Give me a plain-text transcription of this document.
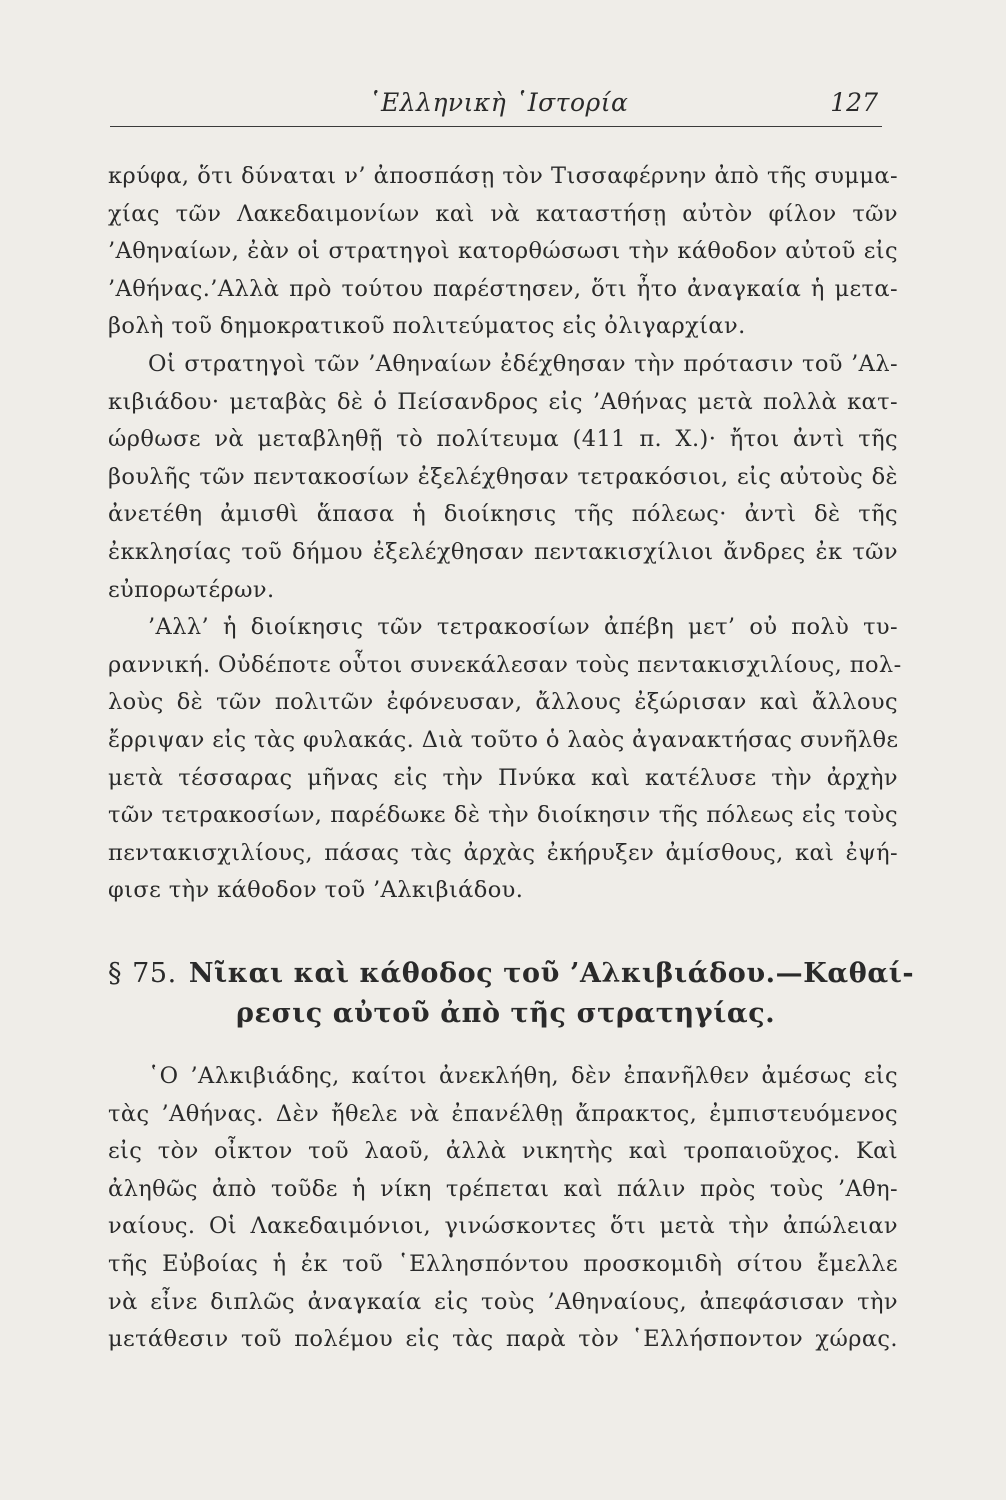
῾Ελληνικὴ ῾Ιστορία	127
κρύφα, ὅτι δύναται ν’ ἀποσπάσῃ τὸν Τισσαφέρνην ἀπὸ τῆς συμμα-
χίας τῶν Λακεδαιμονίων καὶ νὰ καταστήσῃ αὐτὸν φίλον τῶν
’Αθηναίων, ἐὰν οἱ στρατηγοὶ κατορθώσωσι τὴν κάθοδον αὐτοῦ εἰς
’Αθήνας.’Αλλὰ πρὸ τούτου παρέστησεν, ὅτι ἦτο ἀναγκαία ἡ μετα-
βολὴ τοῦ δημοκρατικοῦ πολιτεύματος εἰς ὀλιγαρχίαν.
Οἱ στρατηγοὶ τῶν ’Αθηναίων ἐδέχθησαν τὴν πρότασιν τοῦ ’Αλ-
κιβιάδου· μεταβὰς δὲ ὁ Πείσανδρος εἰς ’Αθήνας μετὰ πολλὰ κατ-
ώρθωσε νὰ μεταβληθῇ τὸ πολίτευμα (411 π. Χ.)· ἤτοι ἀντὶ τῆς
βουλῆς τῶν πεντακοσίων ἐξελέχθησαν τετρακόσιοι, εἰς αὐτοὺς δὲ
ἀνετέθη ἀμισθὶ ἅπασα ἡ διοίκησις τῆς πόλεως· ἀντὶ δὲ τῆς
ἐκκλησίας τοῦ δήμου ἐξελέχθησαν πεντακισχίλιοι ἄνδρες ἐκ τῶν
εὐπορωτέρων.
’Αλλ’ ἡ διοίκησις τῶν τετρακοσίων ἀπέβη μετ’ οὐ πολὺ τυ-
ραννική. Οὐδέποτε οὗτοι συνεκάλεσαν τοὺς πεντακισχιλίους, πολ-
λοὺς δὲ τῶν πολιτῶν ἐφόνευσαν, ἄλλους ἐξώρισαν καὶ ἄλλους
ἔρριψαν εἰς τὰς φυλακάς. Διὰ τοῦτο ὁ λαὸς ἀγανακτήσας συνῆλθε
μετὰ τέσσαρας μῆνας εἰς τὴν Πνύκα καὶ κατέλυσε τὴν ἀρχὴν
τῶν τετρακοσίων, παρέδωκε δὲ τὴν διοίκησιν τῆς πόλεως εἰς τοὺς
πεντακισχιλίους, πάσας τὰς ἀρχὰς ἐκήρυξεν ἀμίσθους, καὶ ἐψή-
φισε τὴν κάθοδον τοῦ ’Αλκιβιάδου.
§ 75. Νῖκαι καὶ κάθοδος τοῦ ’Αλκιβιάδου.—Καθαί-
ρεσις αὐτοῦ ἀπὸ τῆς στρατηγίας.
῾Ο ’Αλκιβιάδης, καίτοι ἀνεκλήθη, δὲν ἐπανῆλθεν ἀμέσως εἰς
τὰς ’Αθήνας. Δὲν ἤθελε νὰ ἐπανέλθῃ ἄπρακτος, ἐμπιστευόμενος
εἰς τὸν οἶκτον τοῦ λαοῦ, ἀλλὰ νικητὴς καὶ τροπαιοῦχος. Καὶ
ἀληθῶς ἀπὸ τοῦδε ἡ νίκη τρέπεται καὶ πάλιν πρὸς τοὺς ’Αθη-
ναίους. Οἱ Λακεδαιμόνιοι, γινώσκοντες ὅτι μετὰ τὴν ἀπώλειαν
τῆς Εὐβοίας ἡ ἐκ τοῦ ῾Ελλησπόντου προσκομιδὴ σίτου ἔμελλε
νὰ εἶνε διπλῶς ἀναγκαία εἰς τοὺς ’Αθηναίους, ἀπεφάσισαν τὴν
μετάθεσιν τοῦ πολέμου εἰς τὰς παρὰ τὸν ῾Ελλήσποντον χώρας.
